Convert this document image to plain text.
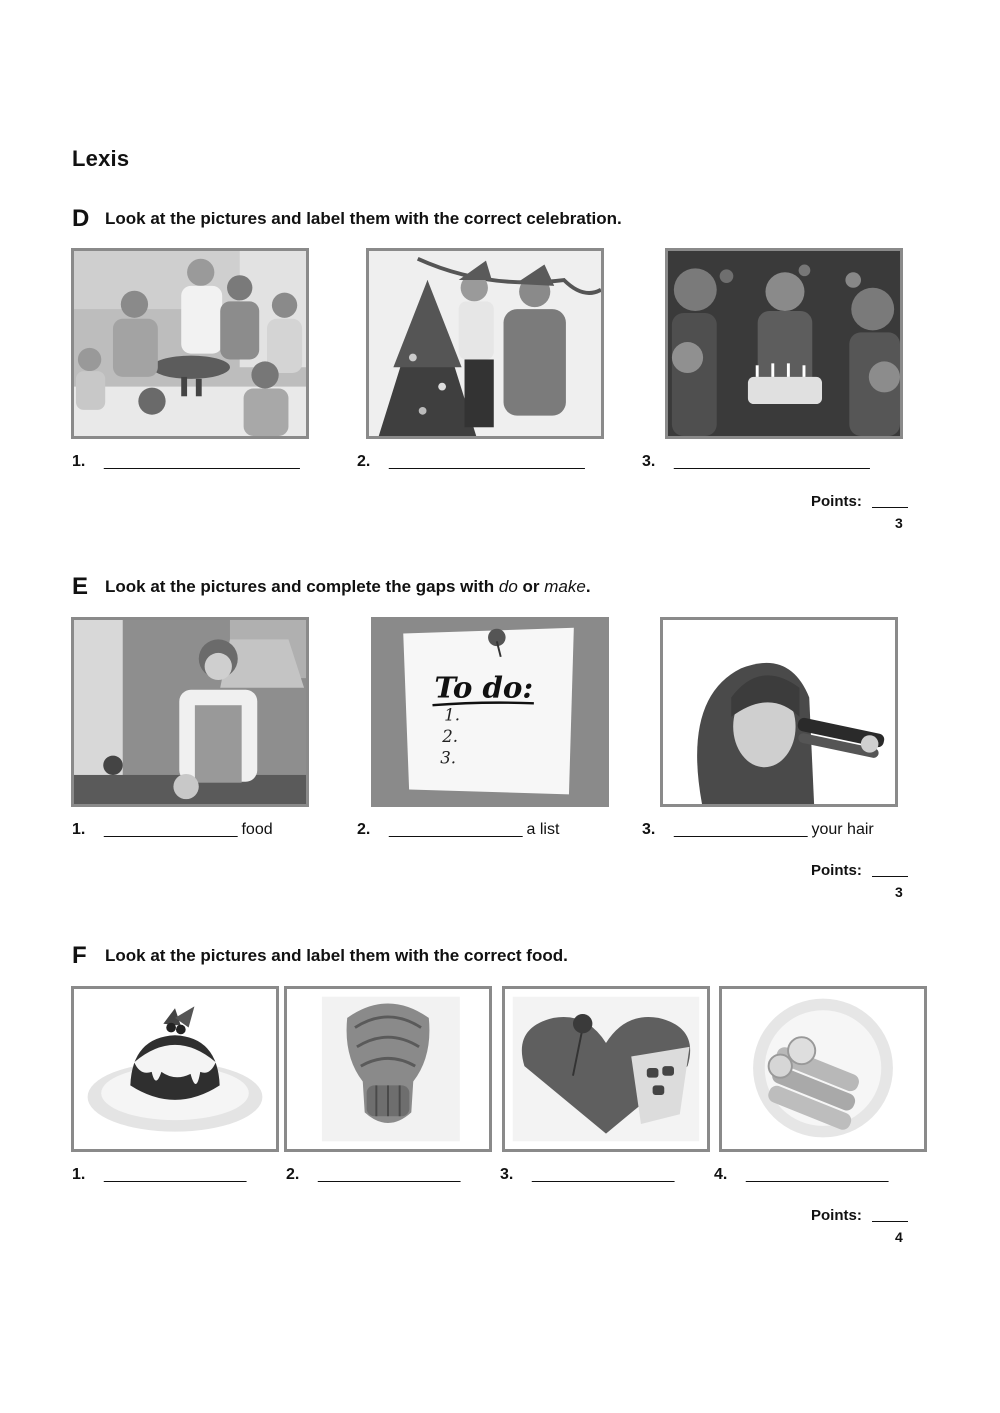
Lexis
D Look at the pictures and label them with the correct celebration.
1. ______________________	2. ______________________	3. ______________________
Points:
3
E Look at the pictures and complete the gaps with do or make.
To do:
1.
2.
3.
1. _______________ food	2. _______________ a list	3. _______________ your hair
Points:
3
F Look at the pictures and label them with the correct food.
1. ________________ 2. ________________ 3. ________________ 4. ________________
Points:
4
